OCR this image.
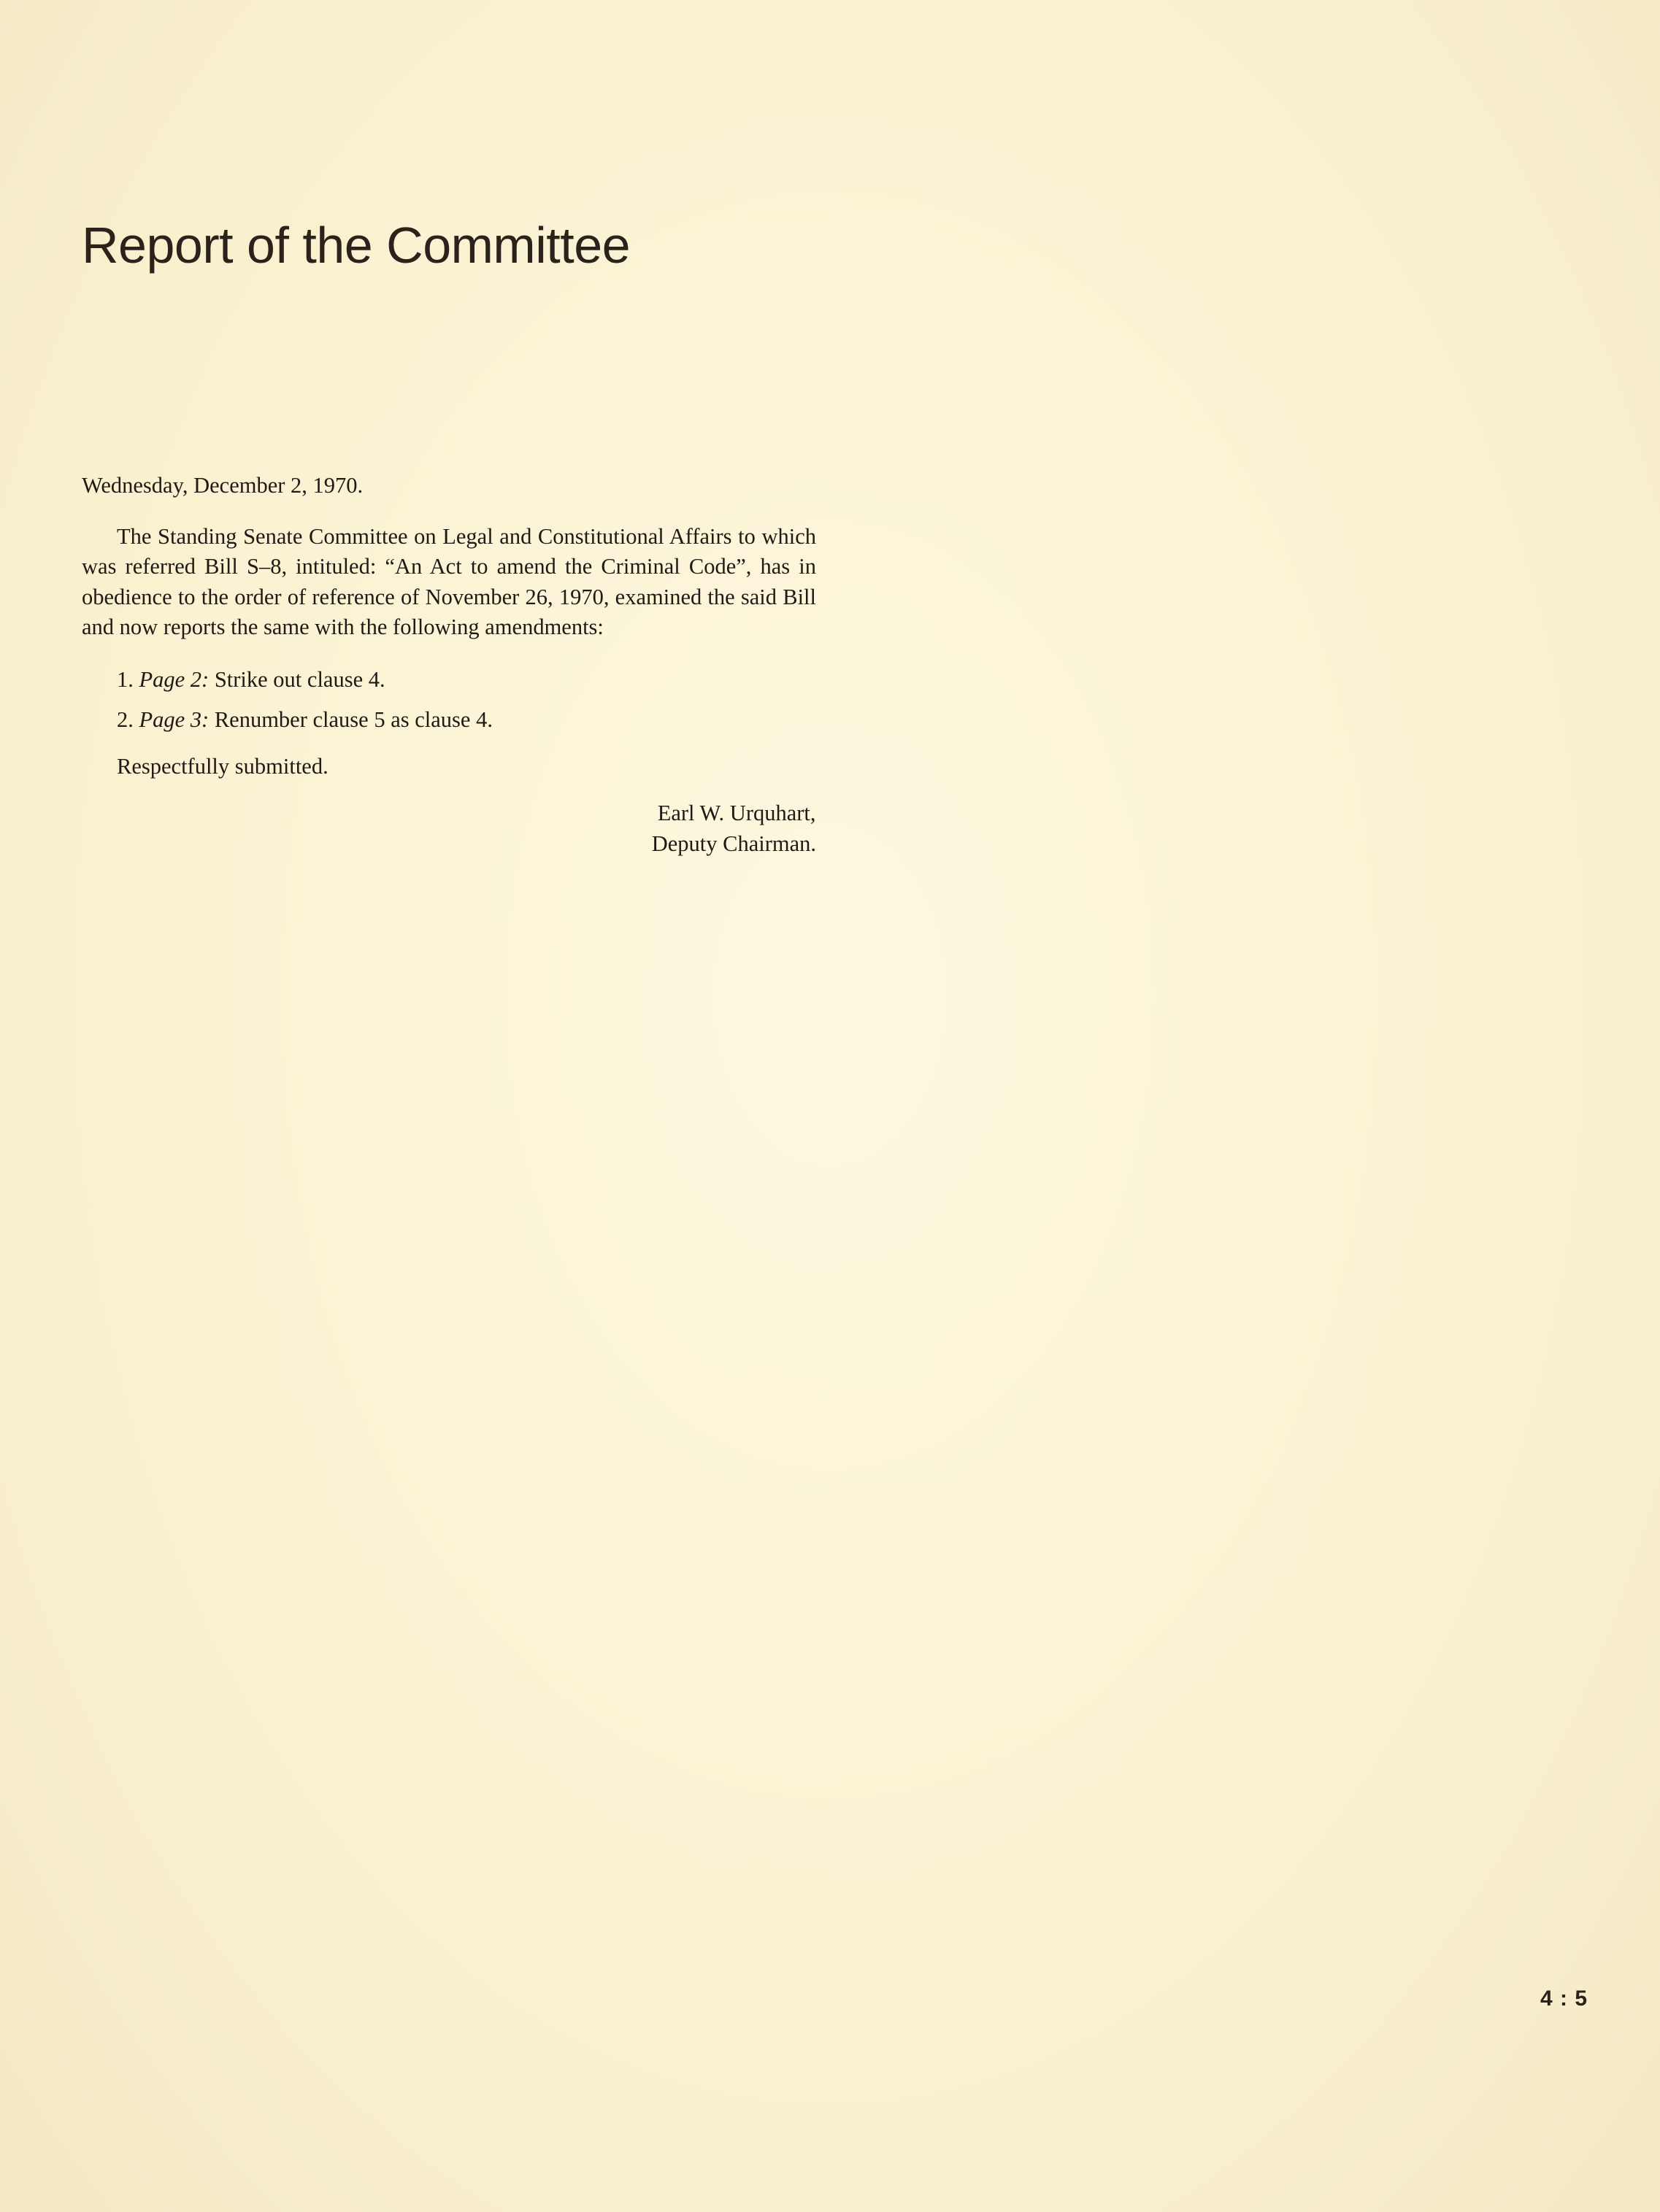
Report of the Committee

Wednesday, December 2, 1970.

The Standing Senate Committee on Legal and Constitutional Affairs to which was referred Bill S–8, intituled: “An Act to amend the Criminal Code”, has in obedience to the order of reference of November 26, 1970, examined the said Bill and now reports the same with the following amendments:

1. Page 2: Strike out clause 4.
2. Page 3: Renumber clause 5 as clause 4.

Respectfully submitted.

Earl W. Urquhart,
Deputy Chairman.
4 : 5
